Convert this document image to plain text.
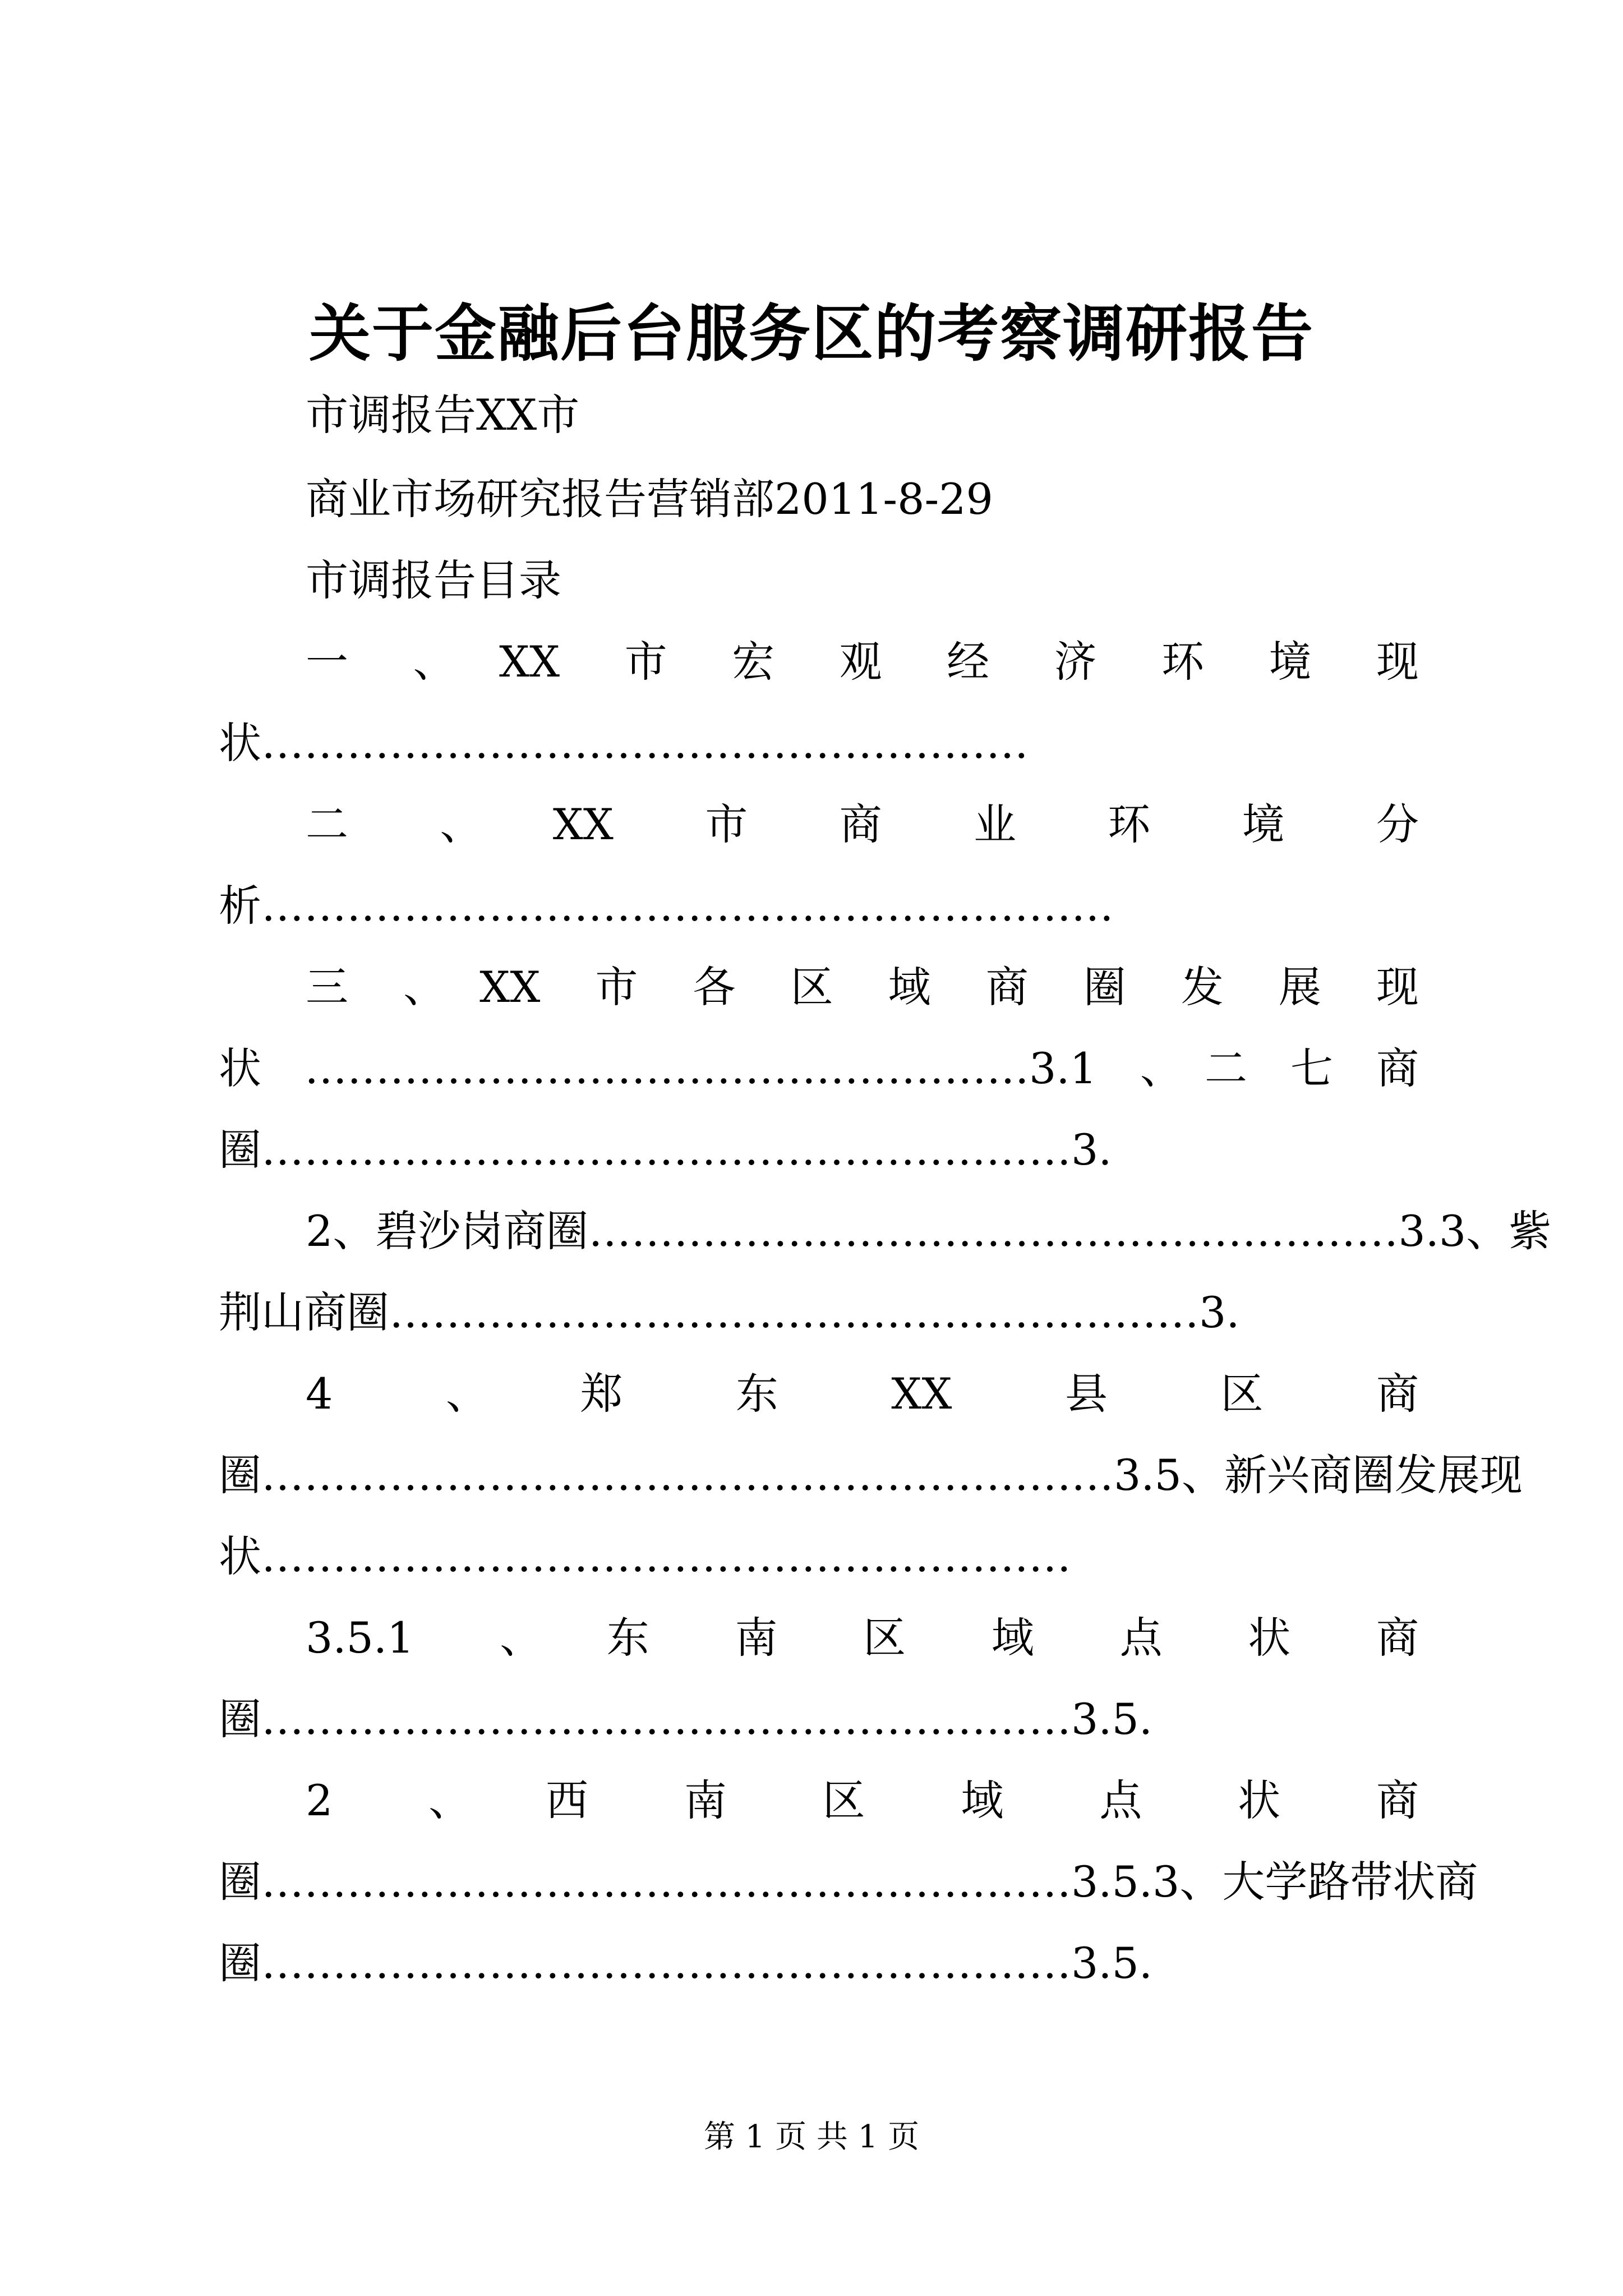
关于金融后台服务区的考察调研报告
市调报告XX市
商业市场研究报告营销部2011-8-29
市调报告目录
一　、　XX　市　宏　观　经　济　环　境　现
状………………………………………………
二　、　XX　市　商　业　环　境　分
析……………………………………………………
三　、　XX　市　各　区　域　商　圈　发　展　现
状　……………………………………………3.1　、　二　七　商
圈…………………………………………………3.
2、碧沙岗商圈…………………………………………………3.3、紫
荆山商圈…………………………………………………3.
4　、　郑　东　XX　县　区　商
圈……………………………………………………3.5、新兴商圈发展现
状…………………………………………………
3.5.1　、　东　南　区　域　点　状　商
圈…………………………………………………3.5.
2　、　西　南　区　域　点　状　商
圈…………………………………………………3.5.3、大学路带状商
圈…………………………………………………3.5.
第 1 页 共 1 页
